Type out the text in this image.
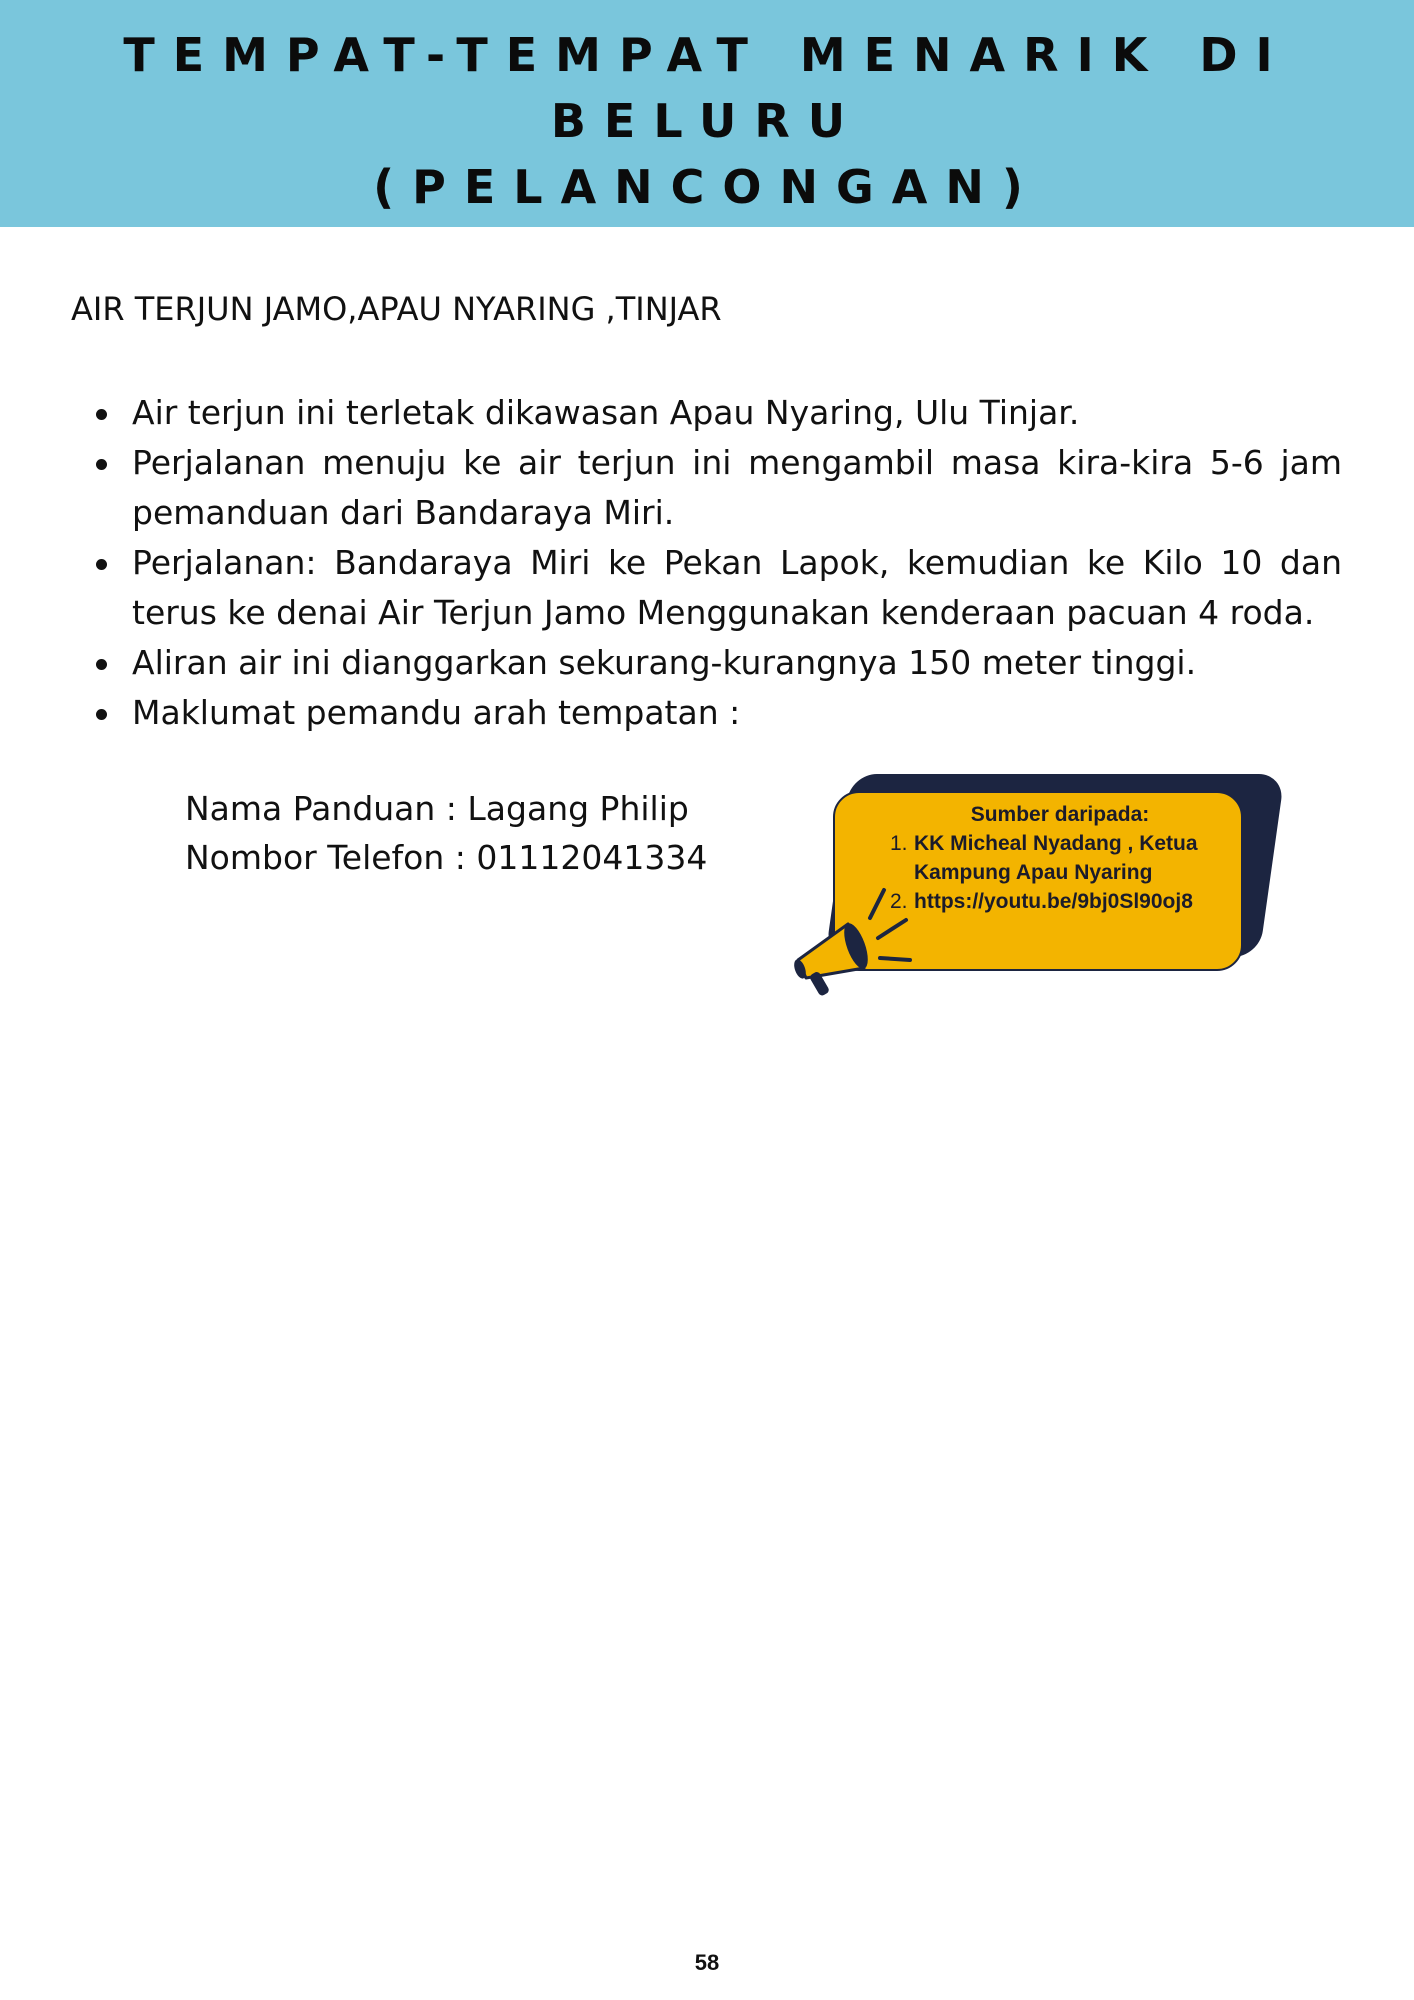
TEMPAT-TEMPAT MENARIK DI
BELURU
(PELANCONGAN)
AIR TERJUN JAMO,APAU NYARING ,TINJAR
Air terjun ini terletak dikawasan Apau Nyaring, Ulu Tinjar.
Perjalanan menuju ke air terjun ini mengambil masa kira-kira 5-6 jam pemanduan dari Bandaraya Miri.
Perjalanan: Bandaraya Miri ke Pekan Lapok, kemudian ke Kilo 10 dan terus ke denai Air Terjun Jamo Menggunakan kenderaan pacuan 4 roda.
Aliran air ini dianggarkan sekurang-kurangnya 150 meter tinggi.
Maklumat pemandu arah tempatan :
Nama Panduan : Lagang Philip
Nombor Telefon : 01112041334
Sumber daripada:
1. KK Micheal Nyadang , Ketua
Kampung Apau Nyaring
2. https://youtu.be/9bj0Sl90oj8
58
